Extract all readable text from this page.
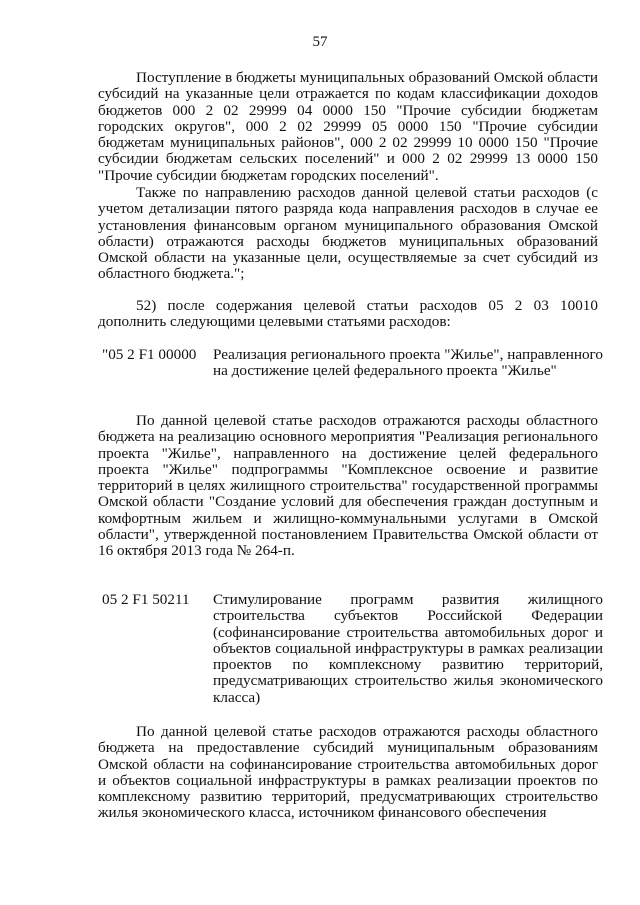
57

Поступление в бюджеты муниципальных образований Омской области субсидий на указанные цели отражается по кодам классификации доходов бюджетов 000 2 02 29999 04 0000 150 "Прочие субсидии бюджетам городских округов", 000 2 02 29999 05 0000 150 "Прочие субсидии бюджетам муниципальных районов", 000 2 02 29999 10 0000 150 "Прочие субсидии бюджетам сельских поселений" и 000 2 02 29999 13 0000 150 "Прочие субсидии бюджетам городских поселений".

Также по направлению расходов данной целевой статьи расходов (с учетом детализации пятого разряда кода направления расходов в случае ее установления финансовым органом муниципального образования Омской области) отражаются расходы бюджетов муниципальных образований Омской области на указанные цели, осуществляемые за счет субсидий из областного бюджета.";

52) после содержания целевой статьи расходов 05 2 03 10010 дополнить следующими целевыми статьями расходов:

"05 2 F1 00000 Реализация регионального проекта "Жилье", направленного на достижение целей федерального проекта "Жилье"

По данной целевой статье расходов отражаются расходы областного бюджета на реализацию основного мероприятия "Реализация регионального проекта "Жилье", направленного на достижение целей федерального проекта "Жилье" подпрограммы "Комплексное освоение и развитие территорий в целях жилищного строительства" государственной программы Омской области "Создание условий для обеспечения граждан доступным и комфортным жильем и жилищно-коммунальными услугами в Омской области", утвержденной постановлением Правительства Омской области от 16 октября 2013 года № 264-п.

05 2 F1 50211 Стимулирование программ развития жилищного строительства субъектов Российской Федерации (софинансирование строительства автомобильных дорог и объектов социальной инфраструктуры в рамках реализации проектов по комплексному развитию территорий, предусматривающих строительство жилья экономического класса)

По данной целевой статье расходов отражаются расходы областного бюджета на предоставление субсидий муниципальным образованиям Омской области на софинансирование строительства автомобильных дорог и объектов социальной инфраструктуры в рамках реализации проектов по комплексному развитию территорий, предусматривающих строительство жилья экономического класса, источником финансового обеспечения
